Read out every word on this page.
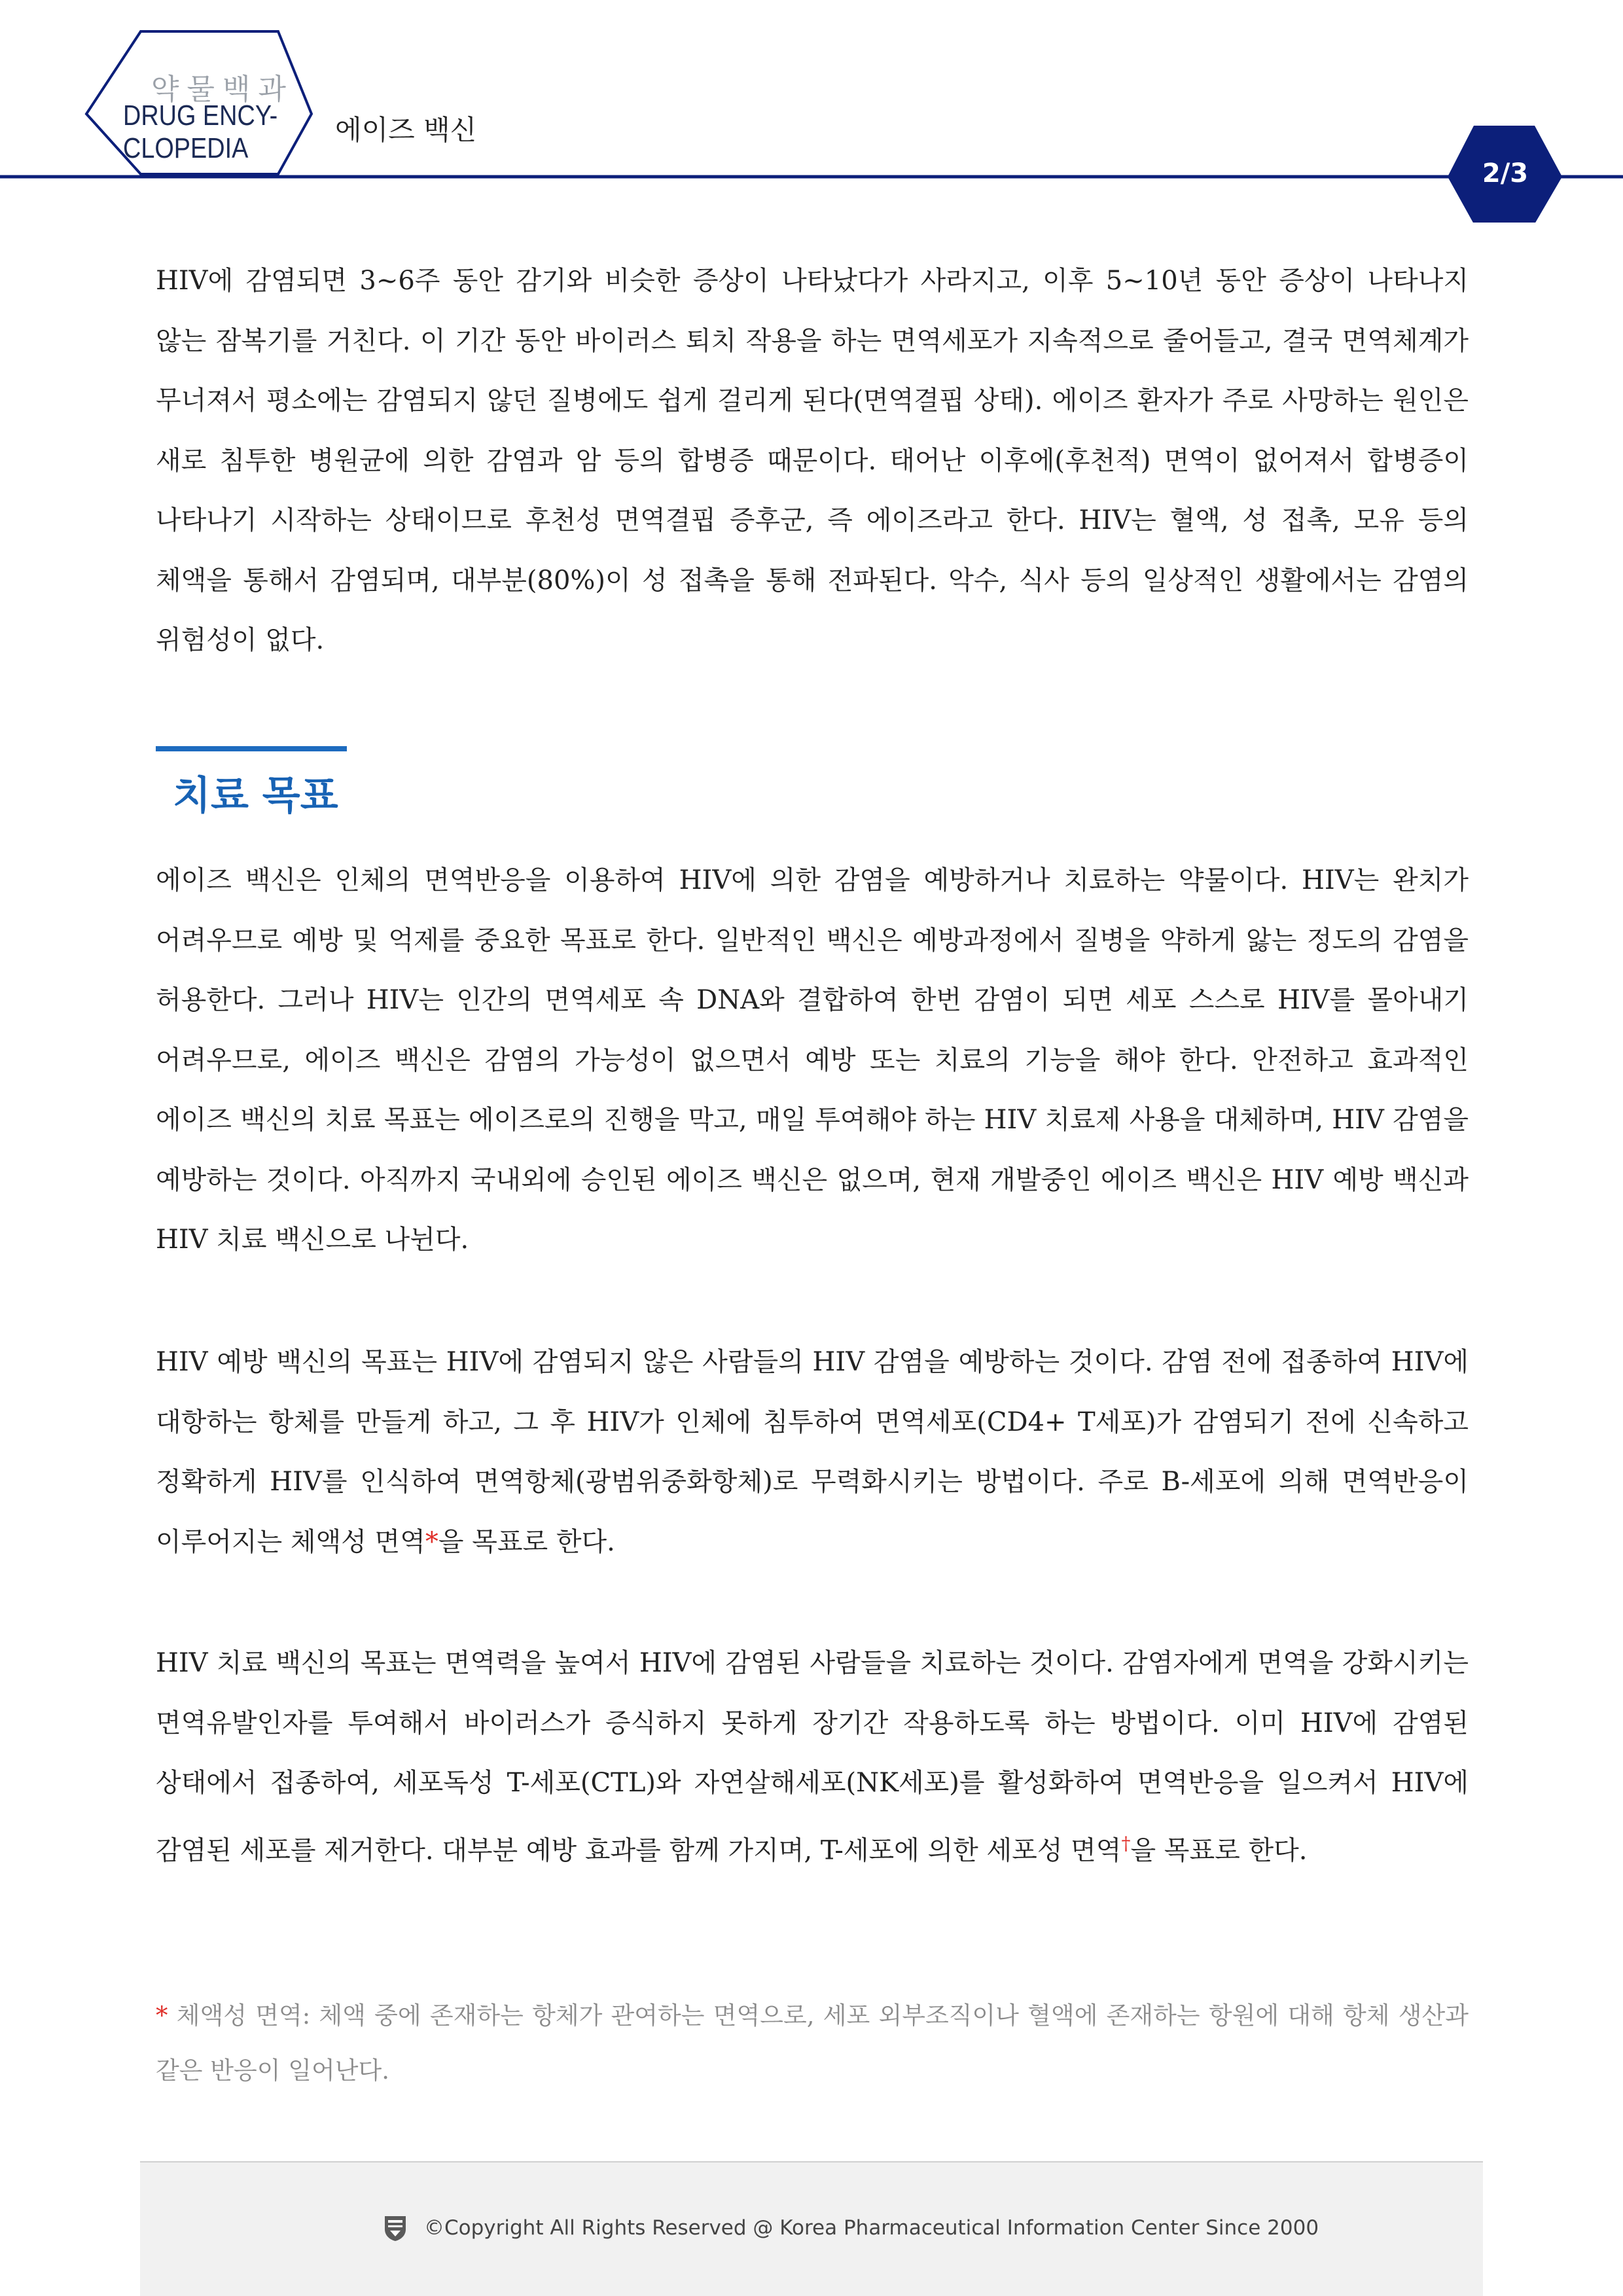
약물백과
DRUG ENCY-
CLOPEDIA
에이즈 백신
2/3

HIV에 감염되면 3~6주 동안 감기와 비슷한 증상이 나타났다가 사라지고, 이후 5~10년 동안 증상이 나타나지 않는 잠복기를 거친다. 이 기간 동안 바이러스 퇴치 작용을 하는 면역세포가 지속적으로 줄어들고, 결국 면역체계가 무너져서 평소에는 감염되지 않던 질병에도 쉽게 걸리게 된다(면역결핍 상태). 에이즈 환자가 주로 사망하는 원인은 새로 침투한 병원균에 의한 감염과 암 등의 합병증 때문이다. 태어난 이후에(후천적) 면역이 없어져서 합병증이 나타나기 시작하는 상태이므로 후천성 면역결핍 증후군, 즉 에이즈라고 한다. HIV는 혈액, 성 접촉, 모유 등의 체액을 통해서 감염되며, 대부분(80%)이 성 접촉을 통해 전파된다. 악수, 식사 등의 일상적인 생활에서는 감염의 위험성이 없다.

치료 목표

에이즈 백신은 인체의 면역반응을 이용하여 HIV에 의한 감염을 예방하거나 치료하는 약물이다. HIV는 완치가 어려우므로 예방 및 억제를 중요한 목표로 한다. 일반적인 백신은 예방과정에서 질병을 약하게 앓는 정도의 감염을 허용한다. 그러나 HIV는 인간의 면역세포 속 DNA와 결합하여 한번 감염이 되면 세포 스스로 HIV를 몰아내기 어려우므로, 에이즈 백신은 감염의 가능성이 없으면서 예방 또는 치료의 기능을 해야 한다. 안전하고 효과적인 에이즈 백신의 치료 목표는 에이즈로의 진행을 막고, 매일 투여해야 하는 HIV 치료제 사용을 대체하며, HIV 감염을 예방하는 것이다. 아직까지 국내외에 승인된 에이즈 백신은 없으며, 현재 개발중인 에이즈 백신은 HIV 예방 백신과 HIV 치료 백신으로 나뉜다.

HIV 예방 백신의 목표는 HIV에 감염되지 않은 사람들의 HIV 감염을 예방하는 것이다. 감염 전에 접종하여 HIV에 대항하는 항체를 만들게 하고, 그 후 HIV가 인체에 침투하여 면역세포(CD4+ T세포)가 감염되기 전에 신속하고 정확하게 HIV를 인식하여 면역항체(광범위중화항체)로 무력화시키는 방법이다. 주로 B-세포에 의해 면역반응이 이루어지는 체액성 면역*을 목표로 한다.

HIV 치료 백신의 목표는 면역력을 높여서 HIV에 감염된 사람들을 치료하는 것이다. 감염자에게 면역을 강화시키는 면역유발인자를 투여해서 바이러스가 증식하지 못하게 장기간 작용하도록 하는 방법이다. 이미 HIV에 감염된 상태에서 접종하여, 세포독성 T-세포(CTL)와 자연살해세포(NK세포)를 활성화하여 면역반응을 일으켜서 HIV에 감염된 세포를 제거한다. 대부분 예방 효과를 함께 가지며, T-세포에 의한 세포성 면역†을 목표로 한다.

* 체액성 면역: 체액 중에 존재하는 항체가 관여하는 면역으로, 세포 외부조직이나 혈액에 존재하는 항원에 대해 항체 생산과 같은 반응이 일어난다.

©Copyright All Rights Reserved @ Korea Pharmaceutical Information Center Since 2000
